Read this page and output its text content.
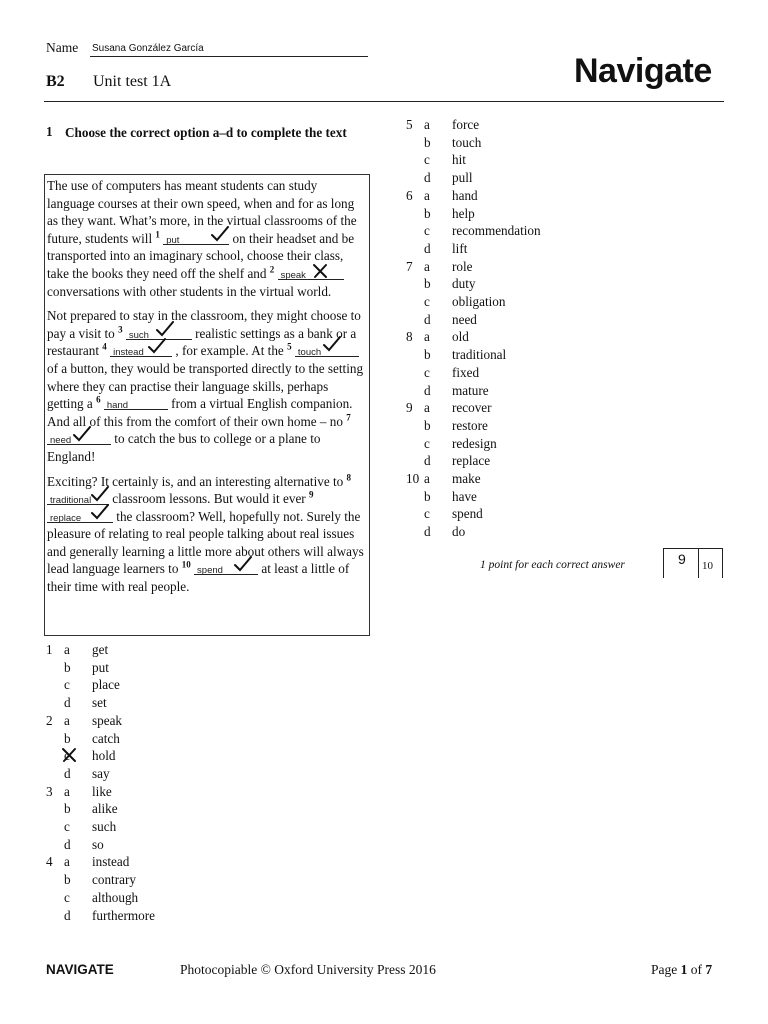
Name Susana González García
B2 Unit test 1A	Navigate
1 Choose the correct option a–d to complete the text

The use of computers has meant students can study language courses at their own speed, when and for as long as they want. What’s more, in the virtual classrooms of the future, students will $^1$ put	on their headset and be transported into an imaginary school, choose their class, take the books they need off the shelf and $^2$ speak
conversations with other students in the virtual world.

Not prepared to stay in the classroom, they might choose to pay a visit to $^3$ such	realistic settings as a bank or a restaurant $^4$ instead , for example. At the $^5$ touch
of a button, they would be transported directly to the setting where they can practise their language skills, perhaps getting a $^6$ hand	from a virtual English companion. And all of this from the comfort of their own home – no $^7$ need	to catch the bus to college or a plane to England!

Exciting? It certainly is, and an interesting alternative to $^8$ traditional
classroom lessons. But would it ever $^9$ replace	the classroom? Well, hopefully not. Surely the pleasure of relating to real people talking about real issues and generally learning a little more about others will always lead language learners to $^{10}$ spend	at least a little of their time with real people.

1 a get
b put
c place
d set
2 a speak
b catch
c hold
d say
3 a like
b alike
c such
d so
4 a instead
b contrary
c although
d furthermore
5 a force
b touch
c hit
d pull
6 a hand
b help
c recommendation
d lift
7 a role
b duty
c obligation
d need
8 a old
b traditional
c fixed
d mature
9 a recover
b restore
c redesign
d replace
10 a make
b have
c spend
d do
1 point for each correct answer	9 10
NAVIGATE	Photocopiable © Oxford University Press 2016	Page 1 of 7
